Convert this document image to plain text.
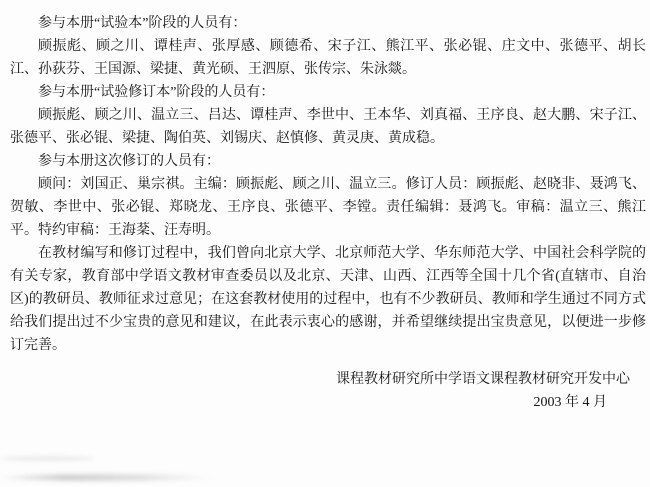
参与本册“试验本”阶段的人员有：
顾振彪、顾之川、谭桂声、张厚感、顾德希、宋子江、熊江平、张必锟、庄文中、张德平、胡长
江、孙荻芬、王国源、梁捷、黄光硕、王泗原、张传宗、朱泳燚。
参与本册“试验修订本”阶段的人员有：
顾振彪、顾之川、温立三、吕达、谭桂声、李世中、王本华、刘真福、王序良、赵大鹏、宋子江、
张德平、张必锟、梁捷、陶伯英、刘锡庆、赵慎修、黄灵庚、黄成稳。
参与本册这次修订的人员有：
顾问：刘国正、巢宗祺。主编：顾振彪、顾之川、温立三。修订人员：顾振彪、赵晓非、聂鸿飞、
贺敏、李世中、张必锟、郑晓龙、王序良、张德平、李镗。责任编辑：聂鸿飞。审稿：温立三、熊江
平。特约审稿：王海棻、汪寿明。
在教材编写和修订过程中，我们曾向北京大学、北京师范大学、华东师范大学、中国社会科学院的
有关专家，教育部中学语文教材审查委员以及北京、天津、山西、江西等全国十几个省(直辖市、自治
区)的教研员、教师征求过意见；在这套教材使用的过程中，也有不少教研员、教师和学生通过不同方式
给我们提出过不少宝贵的意见和建议，在此表示衷心的感谢，并希望继续提出宝贵意见，以便进一步修
订完善。
课程教材研究所中学语文课程教材研究开发中心
2003 年 4 月
